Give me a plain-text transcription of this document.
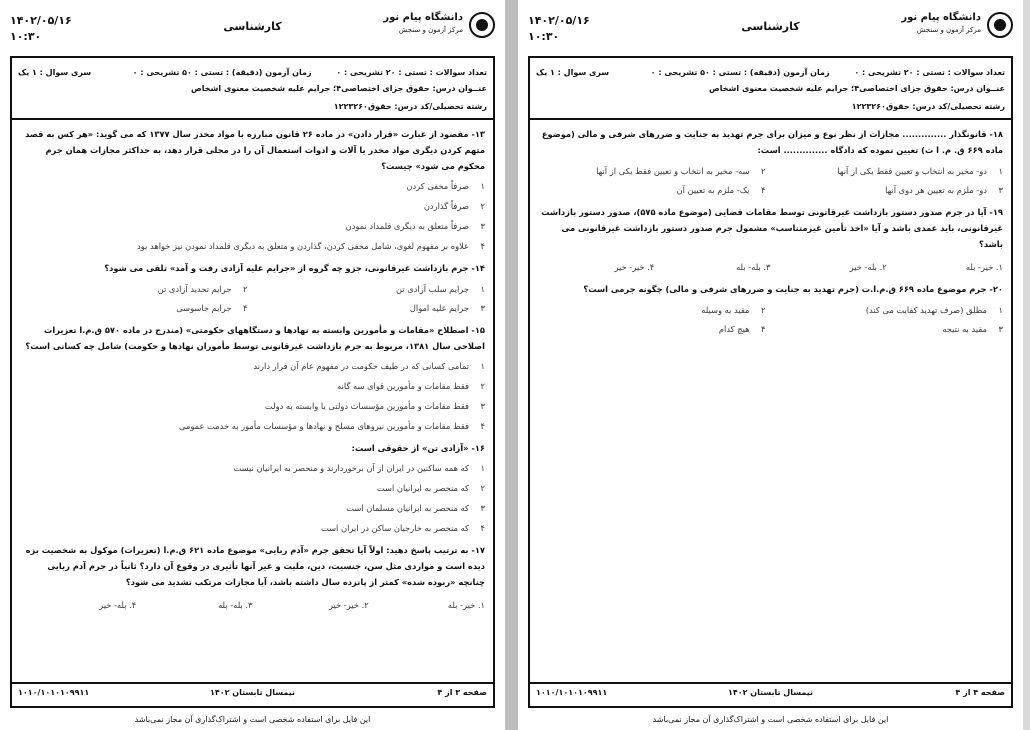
دانشگاه پیام نور
مرکز آزمون و سنجش
کارشناسی
۱۴۰۲/۰۵/۱۶
۱۰:۳۰
تعداد سوالات : تستی : ۲۰ تشریحی : ۰ زمان آزمون (دقیقه) : تستی : ۵۰ تشریحی : ۰
سری سوال : ۱ یک
عنــوان درس: حقوق جزای اختصاصی۴؛ جرایم علیه شخصیت معنوی اشخاص
رشته تحصیلی/کد درس: حقوق۱۲۲۳۲۶۰
۱۳- مقصود از عبارت «قرار دادن» در ماده ۲۶ قانون مبارزه با مواد مخدر سال ۱۳۷۷ که می گوید: «هر کس به قصد متهم کردن دیگری مواد مخدر یا آلات و ادوات استعمال آن را در محلی قرار دهد، به حداکثر مجازات همان جرم محکوم می شود» چیست؟
۱
صرفاً مخفی کردن
۲
صرفاً گذاردن
۳
صرفاً متعلق به دیگری قلمداد نمودن
۴
علاوه بر مفهوم لغوی، شامل مخفی کردن، گذاردن و متعلق به دیگری قلمداد نمودن نیز خواهد بود
۱۴- جرم بازداشت غیرقانونی، جزو چه گروه از «جرایم علیه آزادی رفت و آمد» تلقی می شود؟
۱
جرایم سلب آزادی تن
۲
جرایم تحدید آزادی تن
۳
جرایم علیه اموال
۴
جرایم جاسوسی
۱۵- اصطلاح «مقامات و مأمورین وابسته به نهادها و دستگاههای حکومتی» (مندرج در ماده ۵۷۰ ق.م.ا تعزیرات اصلاحی سال ۱۳۸۱، مربوط به جرم بازداشت غیرقانونی توسط مأموران نهادها و حکومت) شامل چه کسانی است؟
۱
تمامی کسانی که در طیف حکومت در مفهوم عام آن قرار دارند
۲
فقط مقامات و مأمورین قوای سه گانه
۳
فقط مقامات و مأمورین مؤسسات دولتی یا وابسته به دولت
۴
فقط مقامات و مأمورین نیروهای مسلح و نهادها و مؤسسات مأمور به خدمت عمومی
۱۶- «آزادی تن» از حقوقی است:
۱
که همه ساکنین در ایران از آن برخوردارند و منحصر به ایرانیان نیست
۲
که منحصر به ایرانیان است
۳
که منحصر به ایرانیان مسلمان است
۴
که منحصر به خارجیان ساکن در ایران است
۱۷- به ترتیب پاسخ دهید: اولاً آیا تحقق جرم «آدم ربایی» موضوع ماده ۶۲۱ ق.م.ا (تعزیرات) موکول به شخصیت بزه دیده است و مواردی مثل سن، جنسیت، دین، ملیت و غیر آنها تأثیری در وقوع آن دارد؟ ثانیاً در جرم آدم ربایی چنانچه «ربوده شده» کمتر از پانزده سال داشته باشد، آیا مجازات مرتکب تشدید می شود؟
۱. خیر- بله
۲. خیر- خیر
۳. بله- بله
۴. بله- خیر
صفحه ۳ از ۴
نیمسال تابستان ۱۴۰۲
۱۰۱۰/۱۰۱۰۱۰۹۹۱۱
این فایل برای استفاده شخصی است و اشتراک‌گذاری آن مجاز نمی‌باشد
دانشگاه پیام نور
مرکز آزمون و سنجش
کارشناسی
۱۴۰۲/۰۵/۱۶
۱۰:۳۰
تعداد سوالات : تستی : ۲۰ تشریحی : ۰ زمان آزمون (دقیقه) : تستی : ۵۰ تشریحی : ۰
سری سوال : ۱ یک
عنــوان درس: حقوق جزای اختصاصی۴؛ جرایم علیه شخصیت معنوی اشخاص
رشته تحصیلی/کد درس: حقوق۱۲۲۳۲۶۰
۱۸- قانونگذار .............. مجازات از نظر نوع و میزان برای جرم تهدید به جنایت و ضررهای شرفی و مالی (موضوع ماده ۶۶۹ ق. م. ا ت) تعیین نموده که دادگاه .............. است:
۱
دو- مخیر به انتخاب و تعیین فقط یکی از آنها
۲
سه- مخیر به انتخاب و تعیین فقط یکی از آنها
۳
دو- ملزم به تعیین هر دوی آنها
۴
یک- ملزم به تعیین آن
۱۹- آیا در جرم صدور دستور بازداشت غیرقانونی توسط مقامات قضایی (موضوع ماده ۵۷۵)، صدور دستور بازداشت غیرقانونی، باید عمدی باشد و آیا «اخذ تأمین غیرمتناسب» مشمول جرم صدور دستور بازداشت غیرقانونی می باشد؟
۱. خیر- بله
۲. بله- خیر
۳. بله- بله
۴. خیر- خیر
۲۰- جرم موضوع ماده ۶۶۹ ق.م.ا.ت (جرم تهدید به جنایت و ضررهای شرفی و مالی) چگونه جرمی است؟
۱
مطلق (صرف تهدید کفایت می کند)
۲
مقید به وسیله
۳
مقید به نتیجه
۴
هیچ کدام
صفحه ۴ از ۴
نیمسال تابستان ۱۴۰۲
۱۰۱۰/۱۰۱۰۱۰۹۹۱۱
این فایل برای استفاده شخصی است و اشتراک‌گذاری آن مجاز نمی‌باشد
